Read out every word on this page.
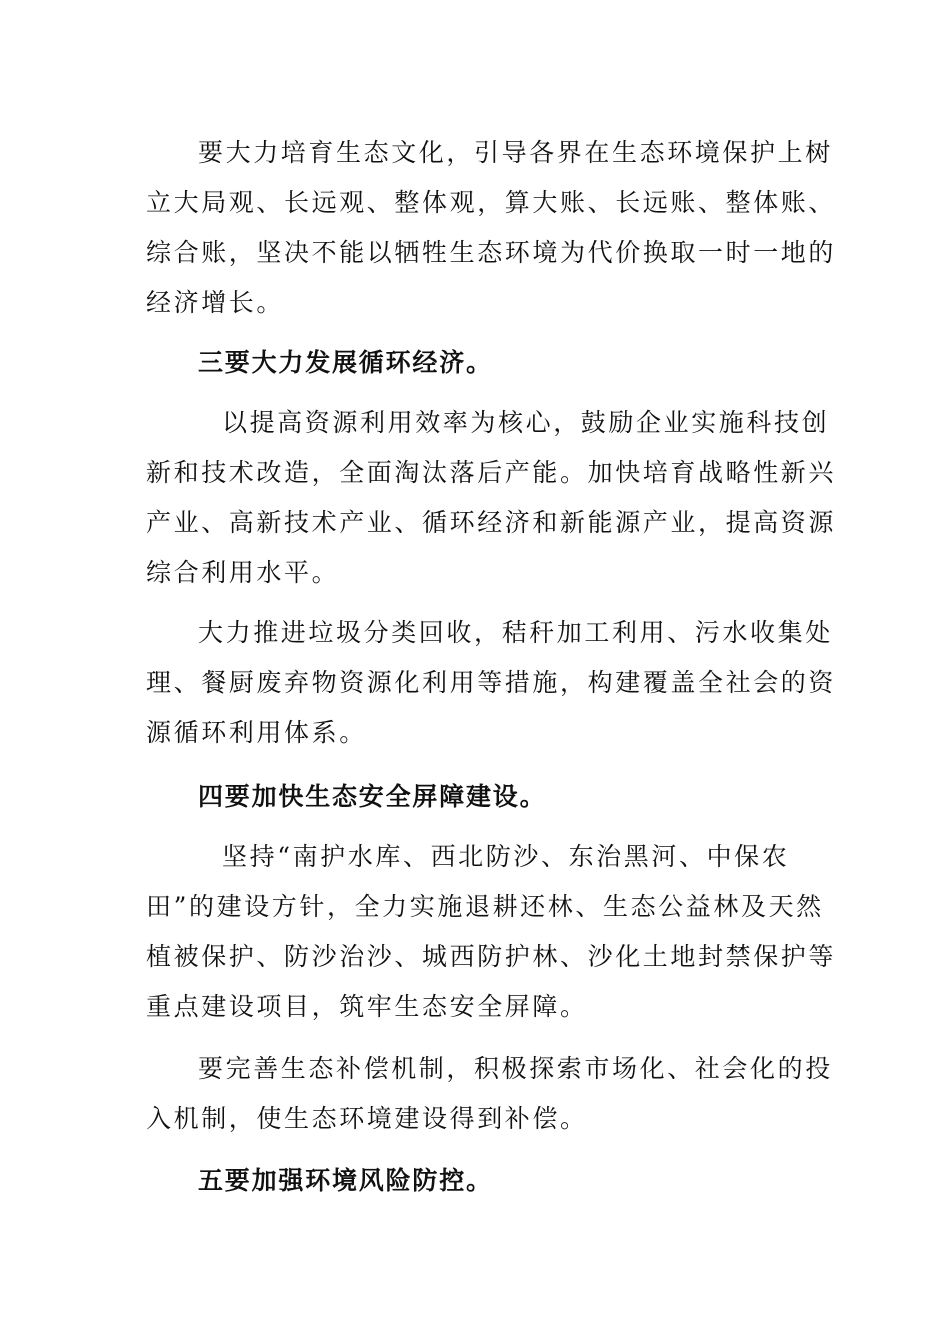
要大力培育生态文化，引导各界在生态环境保护上树

立大局观、长远观、整体观，算大账、长远账、整体账、

综合账，坚决不能以牺牲生态环境为代价换取一时一地的

经济增长。

三要大力发展循环经济。

以提高资源利用效率为核心，鼓励企业实施科技创

新和技术改造，全面淘汰落后产能。加快培育战略性新兴

产业、高新技术产业、循环经济和新能源产业，提高资源

综合利用水平。

大力推进垃圾分类回收，秸秆加工利用、污水收集处

理、餐厨废弃物资源化利用等措施，构建覆盖全社会的资

源循环利用体系。

四要加快生态安全屏障建设。

坚持“南护水库、西北防沙、东治黑河、中保农

田”的建设方针，全力实施退耕还林、生态公益林及天然

植被保护、防沙治沙、城西防护林、沙化土地封禁保护等

重点建设项目，筑牢生态安全屏障。

要完善生态补偿机制，积极探索市场化、社会化的投

入机制，使生态环境建设得到补偿。

五要加强环境风险防控。
